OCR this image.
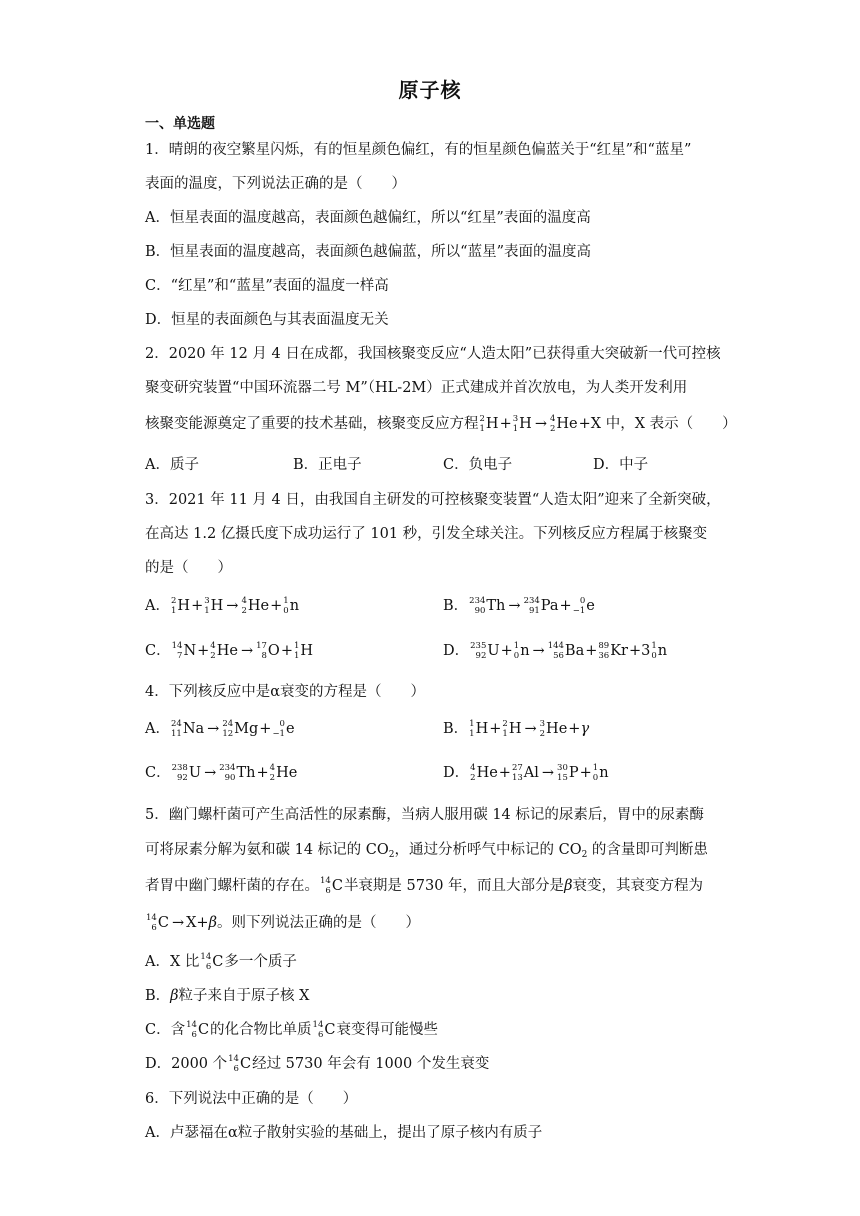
原子核
一、单选题
1．晴朗的夜空繁星闪烁，有的恒星颜色偏红，有的恒星颜色偏蓝关于“红星”和“蓝星”
表面的温度，下列说法正确的是（　　）
A．恒星表面的温度越高，表面颜色越偏红，所以“红星”表面的温度高
B．恒星表面的温度越高，表面颜色越偏蓝，所以“蓝星”表面的温度高
C．“红星”和“蓝星”表面的温度一样高
D．恒星的表面颜色与其表面温度无关
2．2020 年 12 月 4 日在成都，我国核聚变反应“人造太阳”已获得重大突破新一代可控核
聚变研究装置“中国环流器二号 M”（HL-2M）正式建成并首次放电，为人类开发利用
核聚变能源奠定了重要的技术基础，核聚变反应方程 2
1 H + 3
1 H → 4
2 He +X 中，X 表示（　　）
A．质子	B．正电子	C．负电子	D．中子
3．2021 年 11 月 4 日，由我国自主研发的可控核聚变装置“人造太阳”迎来了全新突破，
在高达 1.2 亿摄氏度下成功运行了 101 秒，引发全球关注。下列核反应方程属于核聚变
的是（　　）
A． 2
1 H + 3
1 H → 4
2 He + 1
0 n	B． 234
90 Th → 234
91 Pa + 0
−1 e
C． 14
7 N + 4
2 He → 17
8 O + 1
1 H	D． 235
92 U + 1
0 n → 144
56 Ba + 89
36 Kr +3 1
0 n
4．下列核反应中是α衰变的方程是（　　）
A． 24
11 Na → 24
12 Mg + 0
−1 e	B． 1
1 H + 2
1 H → 3
2 He +γ
C． 238
92 U → 234
90 Th + 4
2 He	D． 4
2 He + 27
13 Al → 30
15 P + 1
0 n
5．幽门螺杆菌可产生高活性的尿素酶，当病人服用碳 14 标记的尿素后，胃中的尿素酶
可将尿素分解为氨和碳 14 标记的 $CO_2$，通过分析呼气中标记的 $CO_2$ 的含量即可判断患
者胃中幽门螺杆菌的存在。 14
6 C 半衰期是 5730 年，而且大部分是β衰变，其衰变方程为
14
6 C → X+β。则下列说法正确的是（　　）
A．X 比 14
6 C 多一个质子
B．β粒子来自于原子核 X
C．含 14
6 C 的化合物比单质 14
6 C 衰变得可能慢些
D．2000 个 14
6 C 经过 5730 年会有 1000 个发生衰变
6．下列说法中正确的是（　　）
A．卢瑟福在α粒子散射实验的基础上，提出了原子核内有质子
